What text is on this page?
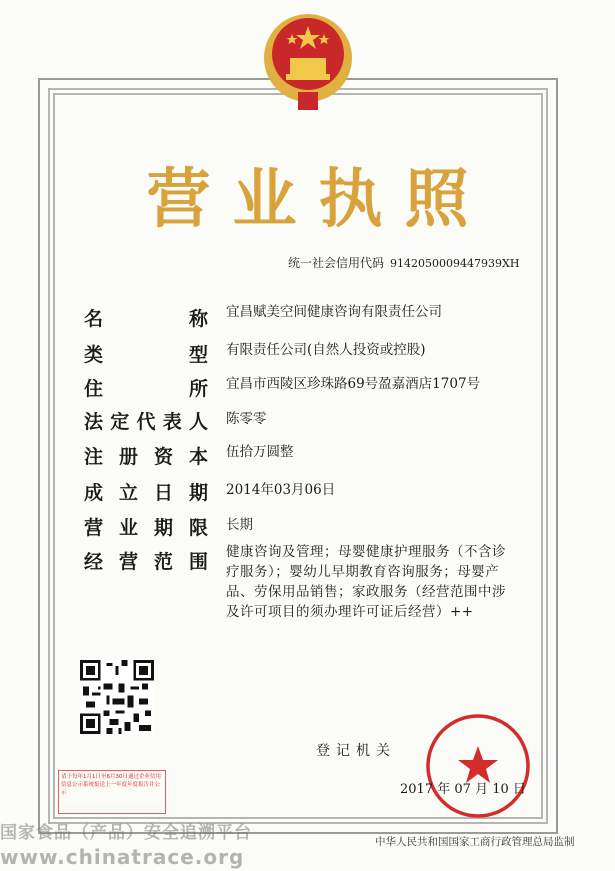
营业执照
统一社会信用代码 9142050009447939XH
名	称 宜昌赋美空间健康咨询有限责任公司
类	型 有限责任公司(自然人投资或控股)
住	所 宜昌市西陵区珍珠路69号盈嘉酒店1707号
法 定 代 表 人 陈零零
注 册 资 本 伍拾万圆整
成 立 日 期 2014年03月06日
营 业 期 限 长期
经 营 范 围 健康咨询及管理；母婴健康护理服务（不含诊疗服务）；婴幼儿早期教育咨询服务；母婴产品、劳保用品销售；家政服务（经营范围中涉及许可项目的须办理许可证后经营）++
登记机关
2017 年 07 月 10 日
请于每年1月1日至6月30日通过企业信用信息公示系统报送上一年度年度报告并公示
国家食品（产品）安全追溯平台
www.chinatrace.org
中华人民共和国国家工商行政管理总局监制
